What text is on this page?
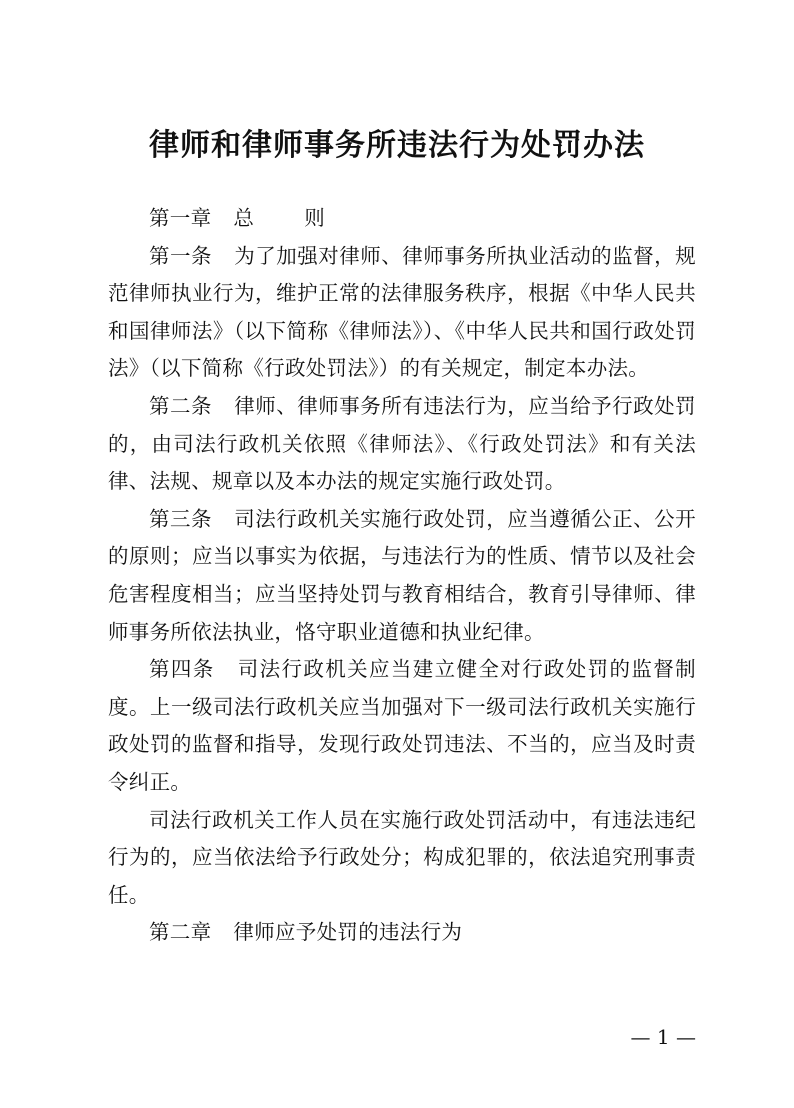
律师和律师事务所违法行为处罚办法

第一章 总 则

第一条 为了加强对律师、律师事务所执业活动的监督，规范律师执业行为，维护正常的法律服务秩序，根据《中华人民共和国律师法》（以下简称《律师法》）、《中华人民共和国行政处罚法》（以下简称《行政处罚法》）的有关规定，制定本办法。

第二条 律师、律师事务所有违法行为，应当给予行政处罚的，由司法行政机关依照《律师法》、《行政处罚法》和有关法律、法规、规章以及本办法的规定实施行政处罚。

第三条 司法行政机关实施行政处罚，应当遵循公正、公开的原则；应当以事实为依据，与违法行为的性质、情节以及社会危害程度相当；应当坚持处罚与教育相结合，教育引导律师、律师事务所依法执业，恪守职业道德和执业纪律。

第四条 司法行政机关应当建立健全对行政处罚的监督制度。上一级司法行政机关应当加强对下一级司法行政机关实施行政处罚的监督和指导，发现行政处罚违法、不当的，应当及时责令纠正。

司法行政机关工作人员在实施行政处罚活动中，有违法违纪行为的，应当依法给予行政处分；构成犯罪的，依法追究刑事责任。

第二章 律师应予处罚的违法行为

— 1 —
